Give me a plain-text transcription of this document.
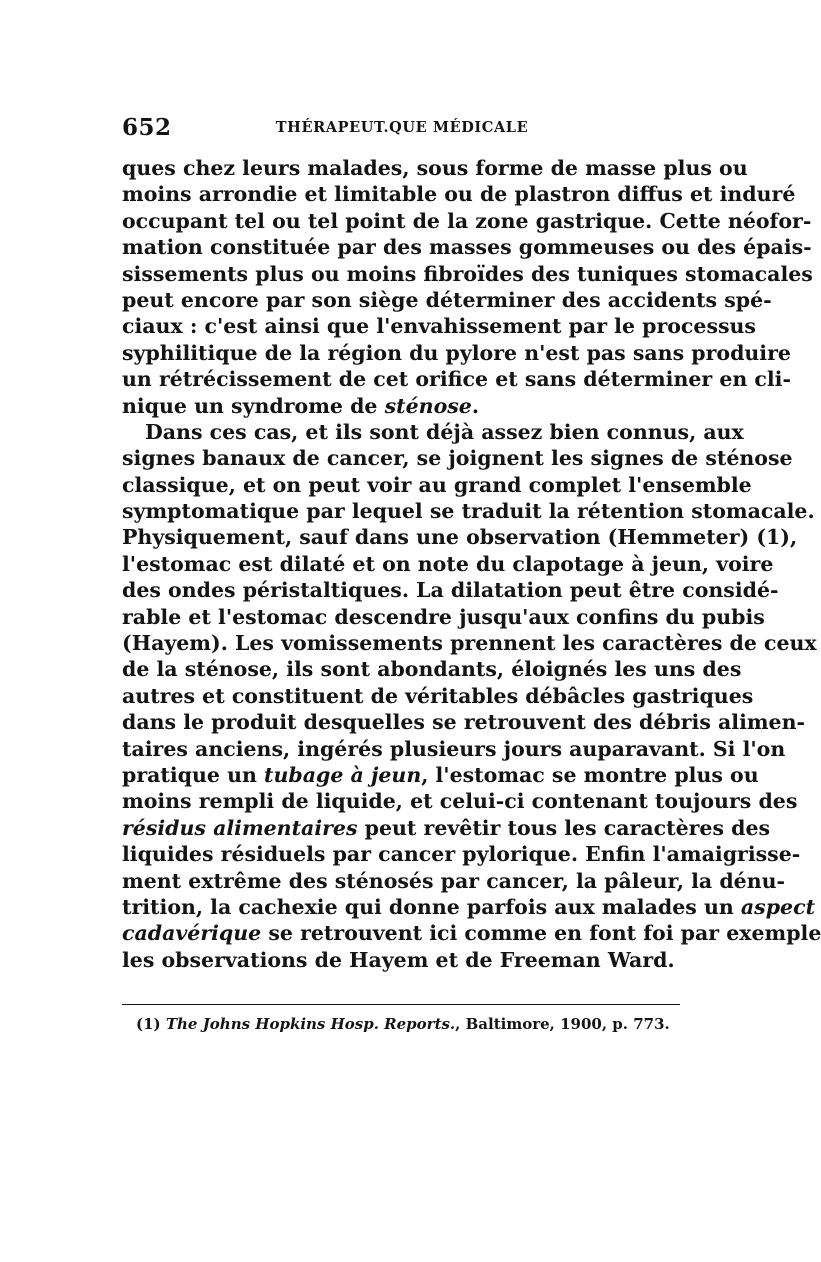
652	THÉRAPEUT.QUE MÉDICALE
ques chez leurs malades, sous forme de masse plus ou
moins arrondie et limitable ou de plastron diffus et induré
occupant tel ou tel point de la zone gastrique. Cette néofor-
mation constituée par des masses gommeuses ou des épais-
sissements plus ou moins fibroïdes des tuniques stomacales
peut encore par son siège déterminer des accidents spé-
ciaux : c'est ainsi que l'envahissement par le processus
syphilitique de la région du pylore n'est pas sans produire
un rétrécissement de cet orifice et sans déterminer en cli-
nique un syndrome de sténose.
Dans ces cas, et ils sont déjà assez bien connus, aux
signes banaux de cancer, se joignent les signes de sténose
classique, et on peut voir au grand complet l'ensemble
symptomatique par lequel se traduit la rétention stomacale.
Physiquement, sauf dans une observation (Hemmeter) (1),
l'estomac est dilaté et on note du clapotage à jeun, voire
des ondes péristaltiques. La dilatation peut être considé-
rable et l'estomac descendre jusqu'aux confins du pubis
(Hayem). Les vomissements prennent les caractères de ceux
de la sténose, ils sont abondants, éloignés les uns des
autres et constituent de véritables débâcles gastriques
dans le produit desquelles se retrouvent des débris alimen-
taires anciens, ingérés plusieurs jours auparavant. Si l'on
pratique un tubage à jeun, l'estomac se montre plus ou
moins rempli de liquide, et celui-ci contenant toujours des
résidus alimentaires peut revêtir tous les caractères des
liquides résiduels par cancer pylorique. Enfin l'amaigrisse-
ment extrême des sténosés par cancer, la pâleur, la dénu-
trition, la cachexie qui donne parfois aux malades un aspect
cadavérique se retrouvent ici comme en font foi par exemple
les observations de Hayem et de Freeman Ward.
(1) The Johns Hopkins Hosp. Reports., Baltimore, 1900, p. 773.
